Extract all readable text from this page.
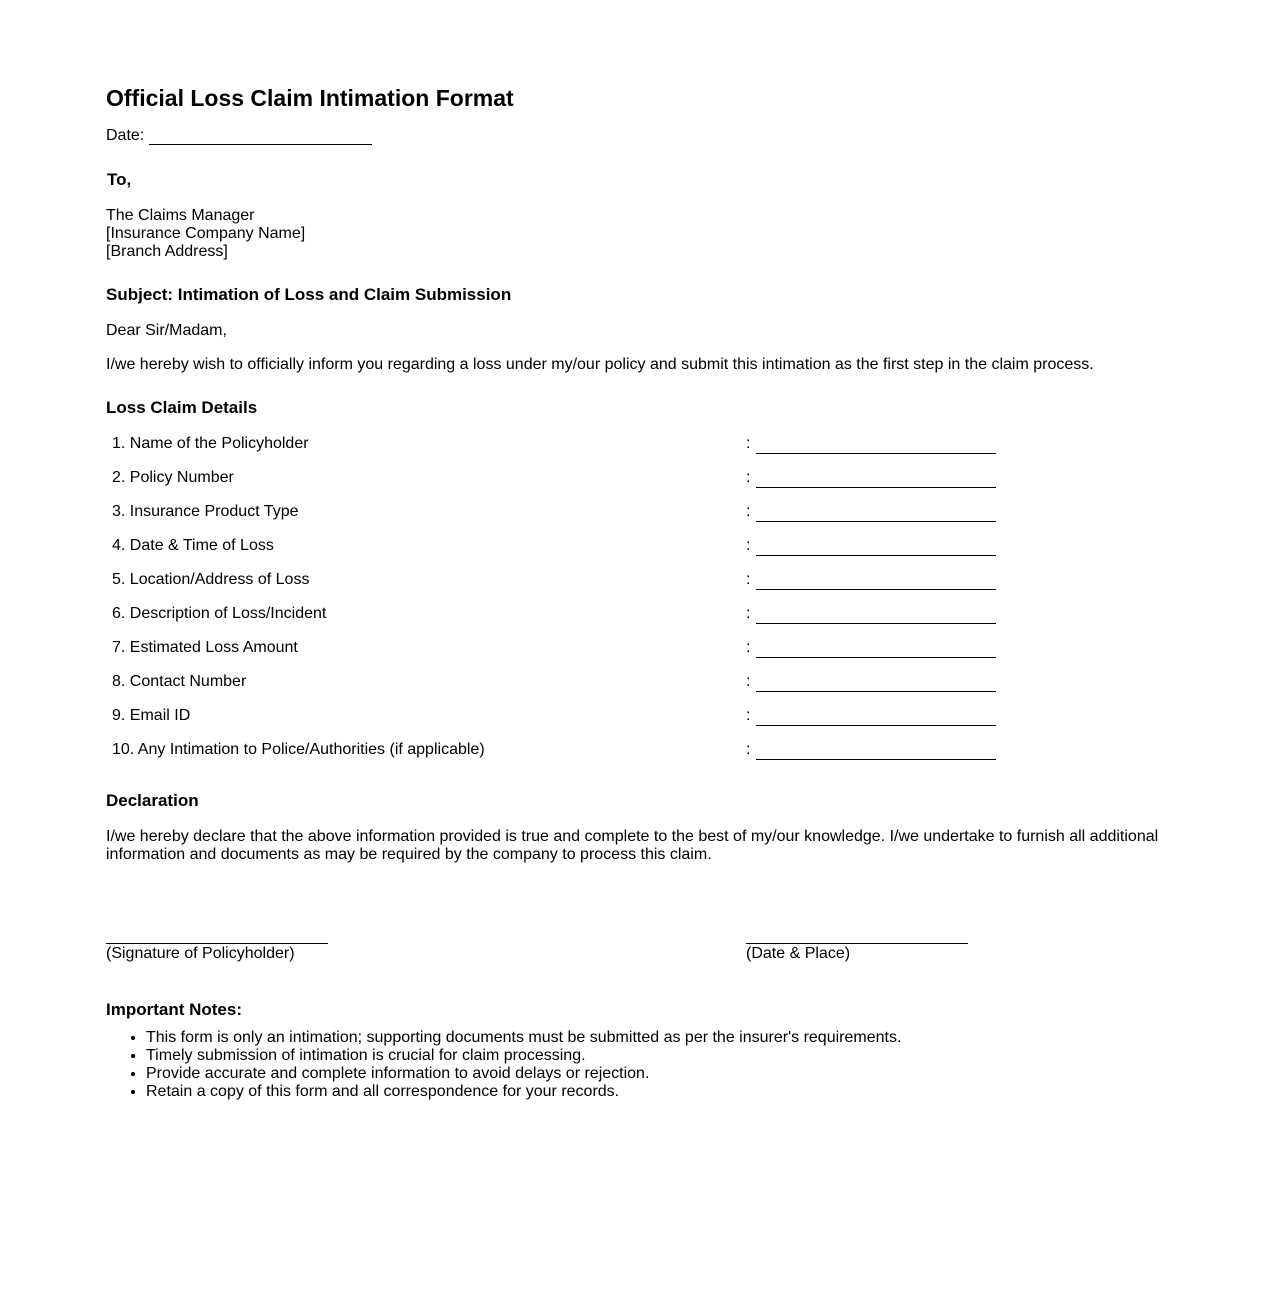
Official Loss Claim Intimation Format
Date:
To,
The Claims Manager
[Insurance Company Name]
[Branch Address]
Subject: Intimation of Loss and Claim Submission
Dear Sir/Madam,
I/we hereby wish to officially inform you regarding a loss under my/our policy and submit this intimation as the first step in the claim process.
Loss Claim Details
1. Name of the Policyholder	:
2. Policy Number	:
3. Insurance Product Type	:
4. Date & Time of Loss	:
5. Location/Address of Loss	:
6. Description of Loss/Incident	:
7. Estimated Loss Amount	:
8. Contact Number	:
9. Email ID	:
10. Any Intimation to Police/Authorities (if applicable)	:
Declaration
I/we hereby declare that the above information provided is true and complete to the best of my/our knowledge. I/we undertake to furnish all additional information and documents as may be required by the company to process this claim.
(Signature of Policyholder)	(Date & Place)
Important Notes:
• This form is only an intimation; supporting documents must be submitted as per the insurer's requirements.
• Timely submission of intimation is crucial for claim processing.
• Provide accurate and complete information to avoid delays or rejection.
• Retain a copy of this form and all correspondence for your records.
